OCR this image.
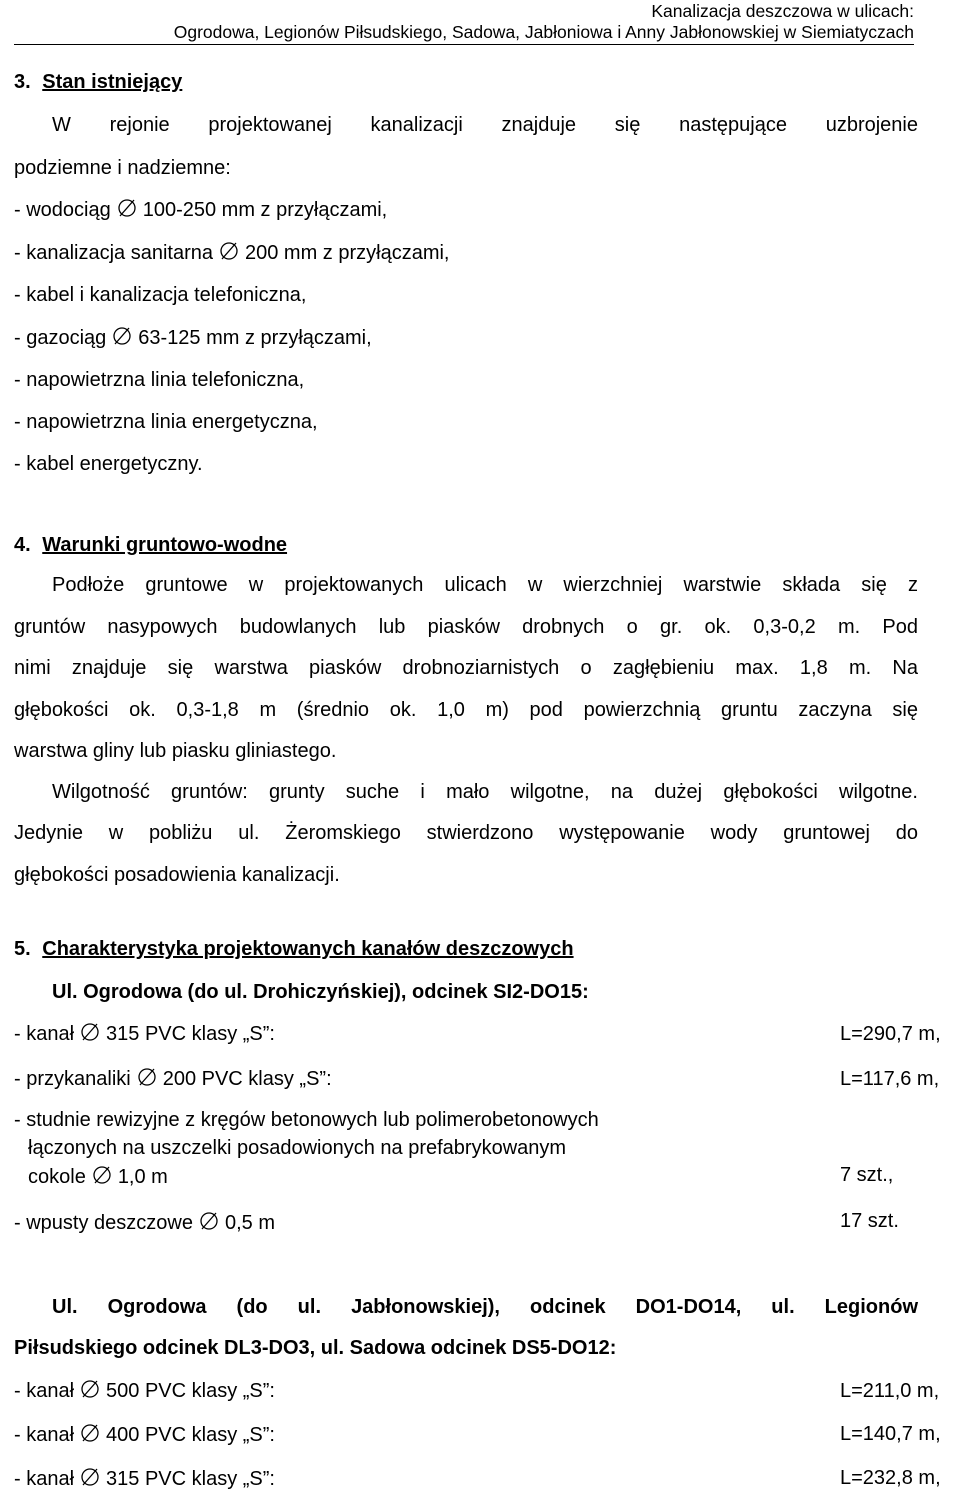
Kanalizacja deszczowa w ulicach:
Ogrodowa, Legionów Piłsudskiego, Sadowa, Jabłoniowa i Anny Jabłonowskiej w Siemiatyczach
3. Stan istniejący
W rejonie projektowanej kanalizacji znajduje się następujące uzbrojenie
podziemne i nadziemne:
- wodociąg 100-250 mm z przyłączami,
- kanalizacja sanitarna 200 mm z przyłączami,
- kabel i kanalizacja telefoniczna,
- gazociąg 63-125 mm z przyłączami,
- napowietrzna linia telefoniczna,
- napowietrzna linia energetyczna,
- kabel energetyczny.
4. Warunki gruntowo-wodne
Podłoże gruntowe w projektowanych ulicach w wierzchniej warstwie składa się z
gruntów nasypowych budowlanych lub piasków drobnych o gr. ok. 0,3-0,2 m. Pod
nimi znajduje się warstwa piasków drobnoziarnistych o zagłębieniu max. 1,8 m. Na
głębokości ok. 0,3-1,8 m (średnio ok. 1,0 m) pod powierzchnią gruntu zaczyna się
warstwa gliny lub piasku gliniastego.
Wilgotność gruntów: grunty suche i mało wilgotne, na dużej głębokości wilgotne.
Jedynie w pobliżu ul. Żeromskiego stwierdzono występowanie wody gruntowej do
głębokości posadowienia kanalizacji.
5. Charakterystyka projektowanych kanałów deszczowych
Ul. Ogrodowa (do ul. Drohiczyńskiej), odcinek SI2-DO15:
- kanał 315 PVC klasy „S”:	L=290,7 m,
- przykanaliki 200 PVC klasy „S”:	L=117,6 m,
- studnie rewizyjne z kręgów betonowych lub polimerobetonowych
łączonych na uszczelki posadowionych na prefabrykowanym
cokole 1,0 m	7 szt.,
- wpusty deszczowe 0,5 m	17 szt.
Ul. Ogrodowa (do ul. Jabłonowskiej), odcinek DO1-DO14, ul. Legionów
Piłsudskiego odcinek DL3-DO3, ul. Sadowa odcinek DS5-DO12:
- kanał 500 PVC klasy „S”:	L=211,0 m,
- kanał 400 PVC klasy „S”:	L=140,7 m,
- kanał 315 PVC klasy „S”:	L=232,8 m,
